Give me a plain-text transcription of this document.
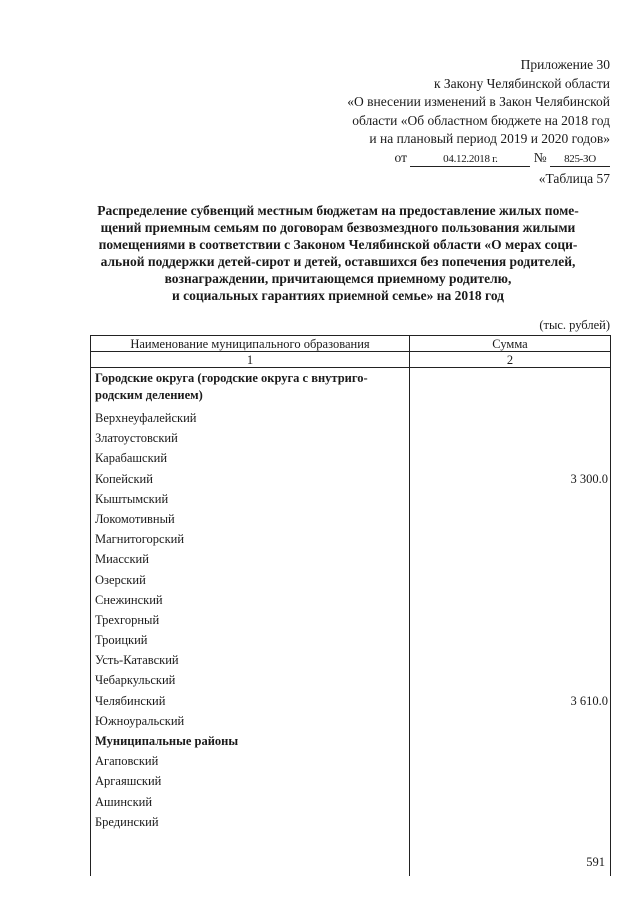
Приложение 30
к Закону Челябинской области
«О внесении изменений в Закон Челябинской
области «Об областном бюджете на 2018 год
и на плановый период 2019 и 2020 годов»
от	04.12.2018 г.	№ 825-ЗО
«Таблица 57
Распределение субвенций местным бюджетам на предоставление жилых поме-
щений приемным семьям по договорам безвозмездного пользования жилыми
помещениями в соответствии с Законом Челябинской области «О мерах соци-
альной поддержки детей-сирот и детей, оставшихся без попечения родителей,
вознаграждении, причитающемся приемному родителю,
и социальных гарантиях приемной семье» на 2018 год
(тыс. рублей)
Наименование муниципального образования	Сумма
1	2
Городские округа (городские округа с внутриго-
родским делением)
Верхнеуфалейский
Златоустовский
Карабашский
Копейский	3 300.0
Кыштымский
Локомотивный
Магнитогорский
Миасский
Озерский
Снежинский
Трехгорный
Троицкий
Усть-Катавский
Чебаркульский
Челябинский	3 610.0
Южноуральский
Муниципальные районы
Агаповский
Аргаяшский
Ашинский
Брединский
591
